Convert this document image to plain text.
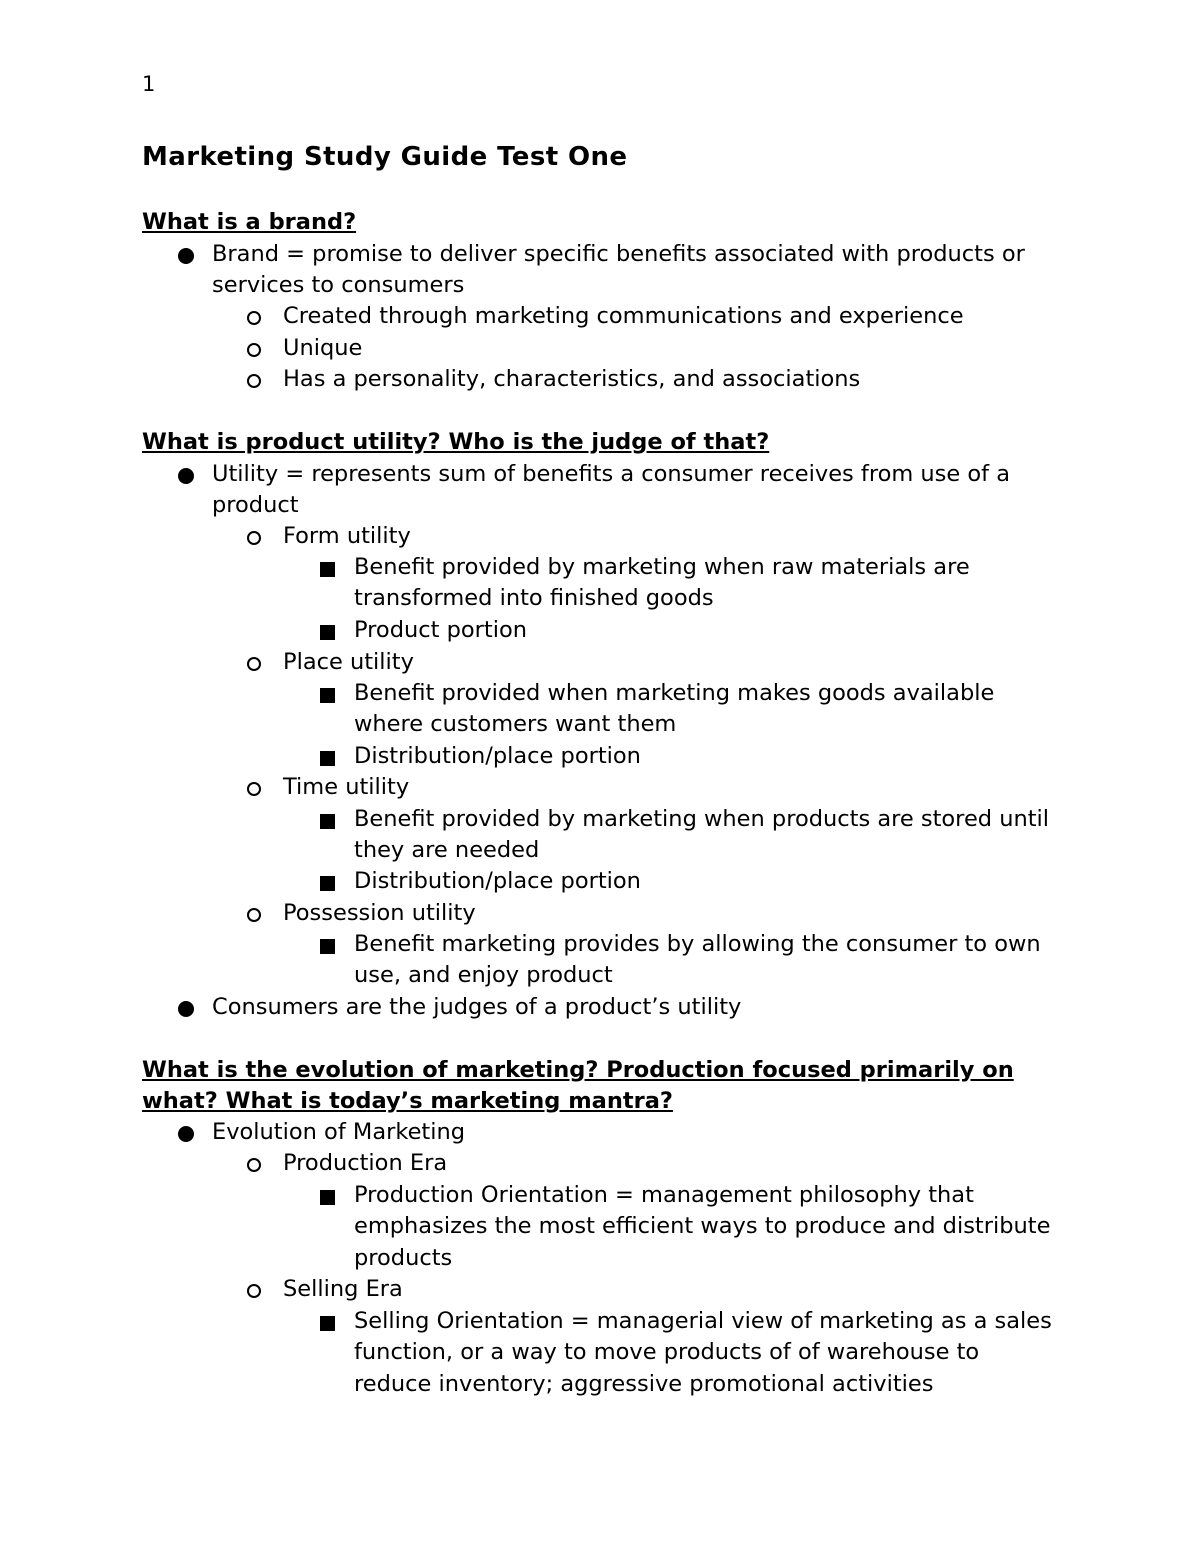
1
Marketing Study Guide Test One
What is a brand?
Brand = promise to deliver specific benefits associated with products or services to consumers
Created through marketing communications and experience
Unique
Has a personality, characteristics, and associations
What is product utility? Who is the judge of that?
Utility = represents sum of benefits a consumer receives from use of a product
Form utility
Benefit provided by marketing when raw materials are transformed into finished goods
Product portion
Place utility
Benefit provided when marketing makes goods available where customers want them
Distribution/place portion
Time utility
Benefit provided by marketing when products are stored until they are needed
Distribution/place portion
Possession utility
Benefit marketing provides by allowing the consumer to own use, and enjoy product
Consumers are the judges of a product’s utility
What is the evolution of marketing? Production focused primarily on
what? What is today’s marketing mantra?
Evolution of Marketing
Production Era
Production Orientation = management philosophy that emphasizes the most efficient ways to produce and distribute products
Selling Era
Selling Orientation = managerial view of marketing as a sales function, or a way to move products of of warehouse to reduce inventory; aggressive promotional activities
